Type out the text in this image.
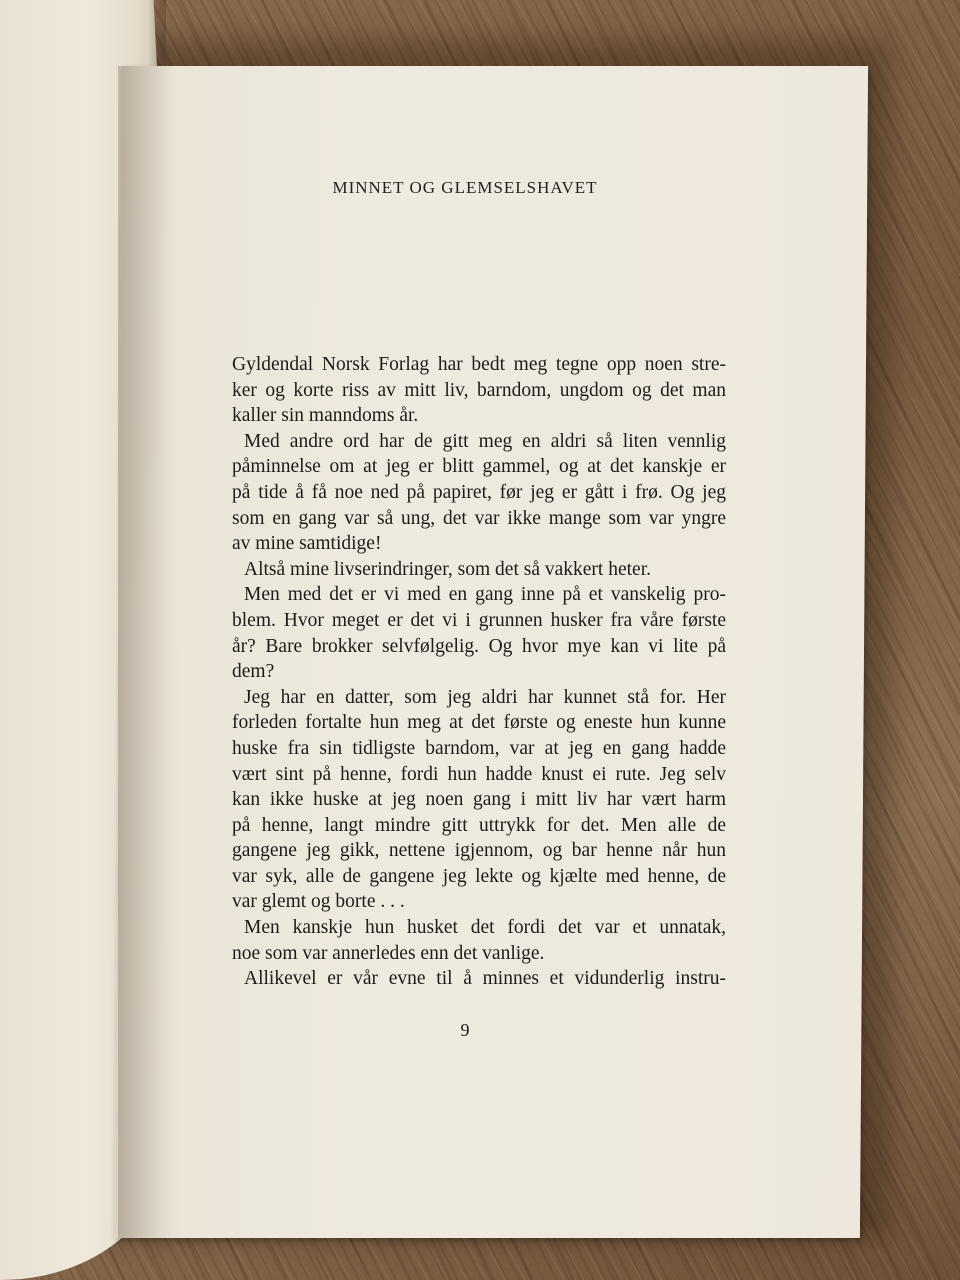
MINNET OG GLEMSELSHAVET
Gyldendal Norsk Forlag har bedt meg tegne opp noen stre-
ker og korte riss av mitt liv, barndom, ungdom og det man
kaller sin manndoms år.
Med andre ord har de gitt meg en aldri så liten vennlig
påminnelse om at jeg er blitt gammel, og at det kanskje er
på tide å få noe ned på papiret, før jeg er gått i frø. Og jeg
som en gang var så ung, det var ikke mange som var yngre
av mine samtidige!
Altså mine livserindringer, som det så vakkert heter.
Men med det er vi med en gang inne på et vanskelig pro-
blem. Hvor meget er det vi i grunnen husker fra våre første
år? Bare brokker selvfølgelig. Og hvor mye kan vi lite på
dem?
Jeg har en datter, som jeg aldri har kunnet stå for. Her
forleden fortalte hun meg at det første og eneste hun kunne
huske fra sin tidligste barndom, var at jeg en gang hadde
vært sint på henne, fordi hun hadde knust ei rute. Jeg selv
kan ikke huske at jeg noen gang i mitt liv har vært harm
på henne, langt mindre gitt uttrykk for det. Men alle de
gangene jeg gikk, nettene igjennom, og bar henne når hun
var syk, alle de gangene jeg lekte og kjælte med henne, de
var glemt og borte . . .
Men kanskje hun husket det fordi det var et unnatak,
noe som var annerledes enn det vanlige.
Allikevel er vår evne til å minnes et vidunderlig instru-
9
